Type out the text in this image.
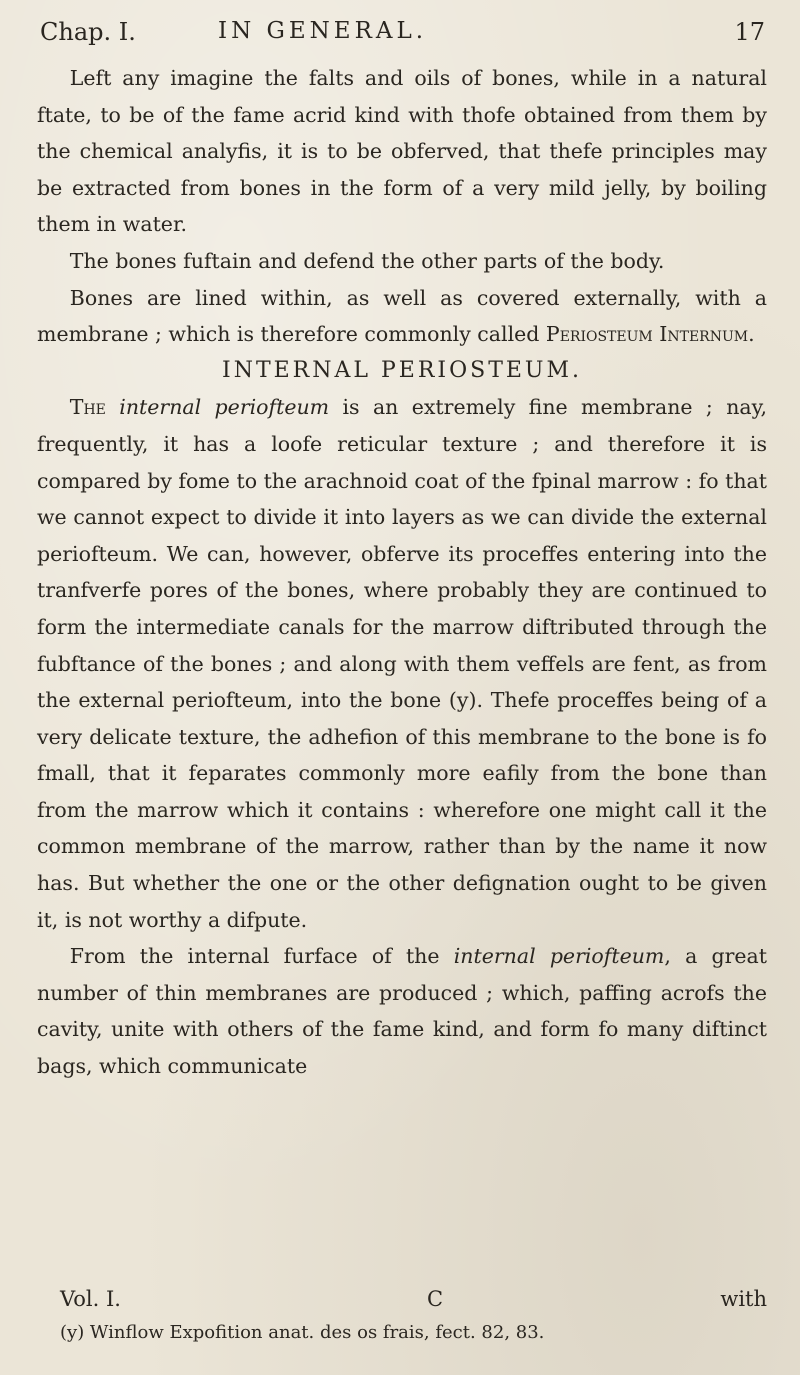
Chap. I.	IN GENERAL.	17

Left any imagine the falts and oils of bones, while in a natural ftate, to be of the fame acrid kind with thofe obtained from them by the chemical analyfis, it is to be obferved, that thefe principles may be extracted from bones in the form of a very mild jelly, by boiling them in water.

The bones fuftain and defend the other parts of the body.

Bones are lined within, as well as covered externally, with a membrane ; which is therefore commonly called Periosteum Internum.

INTERNAL PERIOSTEUM.

The internal periofteum is an extremely fine membrane ; nay, frequently, it has a loofe reticular texture ; and therefore it is compared by fome to the arachnoid coat of the fpinal marrow : fo that we cannot expect to divide it into layers as we can divide the external periofteum. We can, however, obferve its proceffes entering into the tranfverfe pores of the bones, where probably they are continued to form the intermediate canals for the marrow diftributed through the fubftance of the bones ; and along with them veffels are fent, as from the external periofteum, into the bone (y). Thefe proceffes being of a very delicate texture, the adhefion of this membrane to the bone is fo fmall, that it feparates commonly more eafily from the bone than from the marrow which it contains : wherefore one might call it the common membrane of the marrow, rather than by the name it now has. But whether the one or the other defignation ought to be given it, is not worthy a difpute.

From the internal furface of the internal periofteum, a great number of thin membranes are produced ; which, paffing acrofs the cavity, unite with others of the fame kind, and form fo many diftinct bags, which communicate

Vol. I.	C	with
(y) Winflow Expofition anat. des os frais, fect. 82, 83.
